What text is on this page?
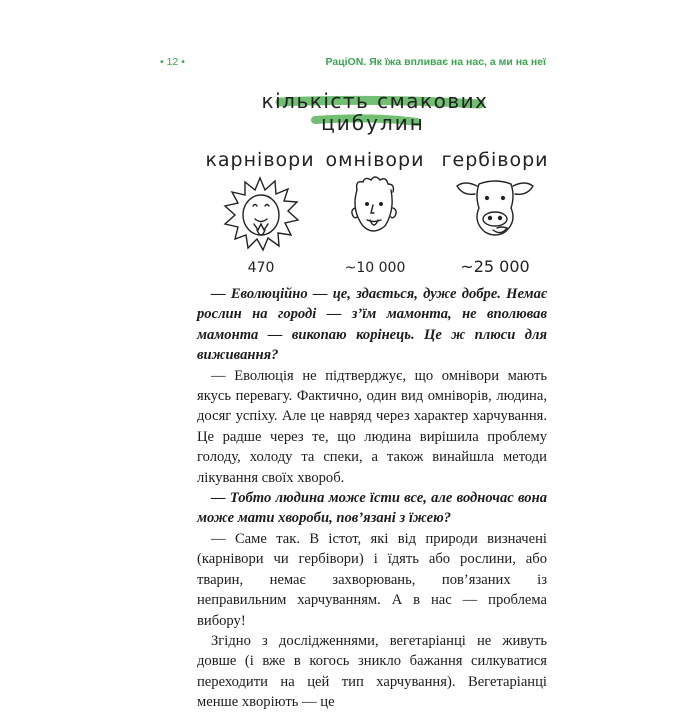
• 12 •	РаціON. Як їжа впливає на нас, а ми на неї
кількість смакових
цибулин
карнівори омнівори гербівори
470	~10 000	~25 000

— Еволюційно — це, здається, дуже добре. Немає рослин на городі — з’їм мамонта, не вполював мамонта — викопаю корінець. Це ж плюси для виживання?

— Еволюція не підтверджує, що омнівори мають якусь перевагу. Фактично, один вид омніворів, людина, досяг успіху. Але це навряд через характер харчування. Це радше через те, що людина вирішила проблему голоду, холоду та спеки, а також винайшла методи лікування своїх хвороб.

— Тобто людина може їсти все, але водночас вона може мати хвороби, пов’язані з їжею?

— Саме так. В істот, які від природи визначені (карнівори чи гербівори) і їдять або рослини, або тварин, немає захворювань, пов’язаних із неправильним харчуванням. А в нас — проблема вибору!

Згідно з дослідженнями, вегетаріанці не живуть довше (і вже в когось зникло бажання силкуватися переходити на цей тип харчування). Вегетаріанці менше хворіють — це
